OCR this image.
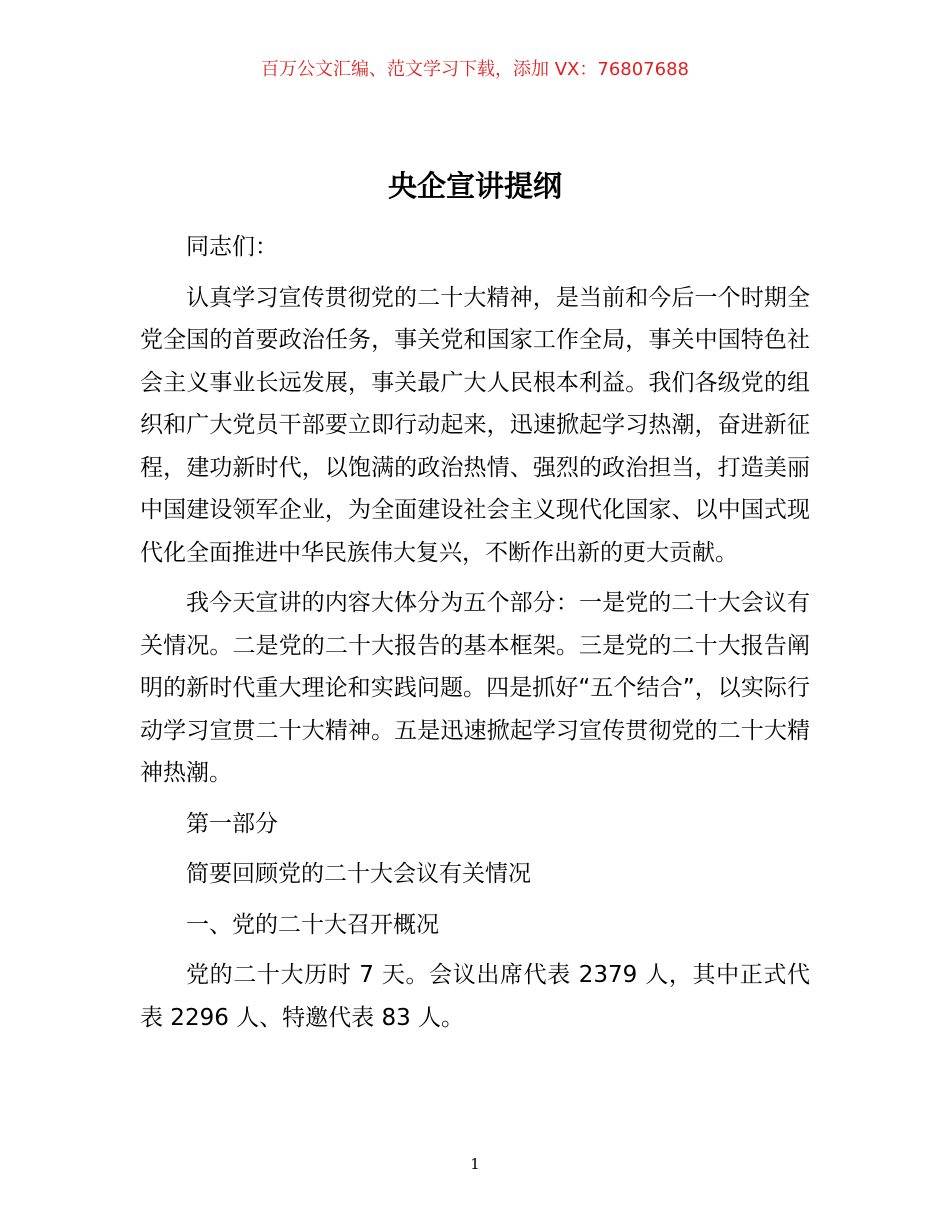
百万公文汇编、范文学习下载，添加 VX：76807688
央企宣讲提纲

同志们：

认真学习宣传贯彻党的二十大精神，是当前和今后一个时期全党全国的首要政治任务，事关党和国家工作全局，事关中国特色社会主义事业长远发展，事关最广大人民根本利益。我们各级党的组织和广大党员干部要立即行动起来，迅速掀起学习热潮，奋进新征程，建功新时代，以饱满的政治热情、强烈的政治担当，打造美丽中国建设领军企业，为全面建设社会主义现代化国家、以中国式现代化全面推进中华民族伟大复兴，不断作出新的更大贡献。

我今天宣讲的内容大体分为五个部分：一是党的二十大会议有关情况。二是党的二十大报告的基本框架。三是党的二十大报告阐明的新时代重大理论和实践问题。四是抓好“五个结合”，以实际行动学习宣贯二十大精神。五是迅速掀起学习宣传贯彻党的二十大精神热潮。

第一部分

简要回顾党的二十大会议有关情况

一、党的二十大召开概况

党的二十大历时 7 天。会议出席代表 2379 人，其中正式代表 2296 人、特邀代表 83 人。

1
